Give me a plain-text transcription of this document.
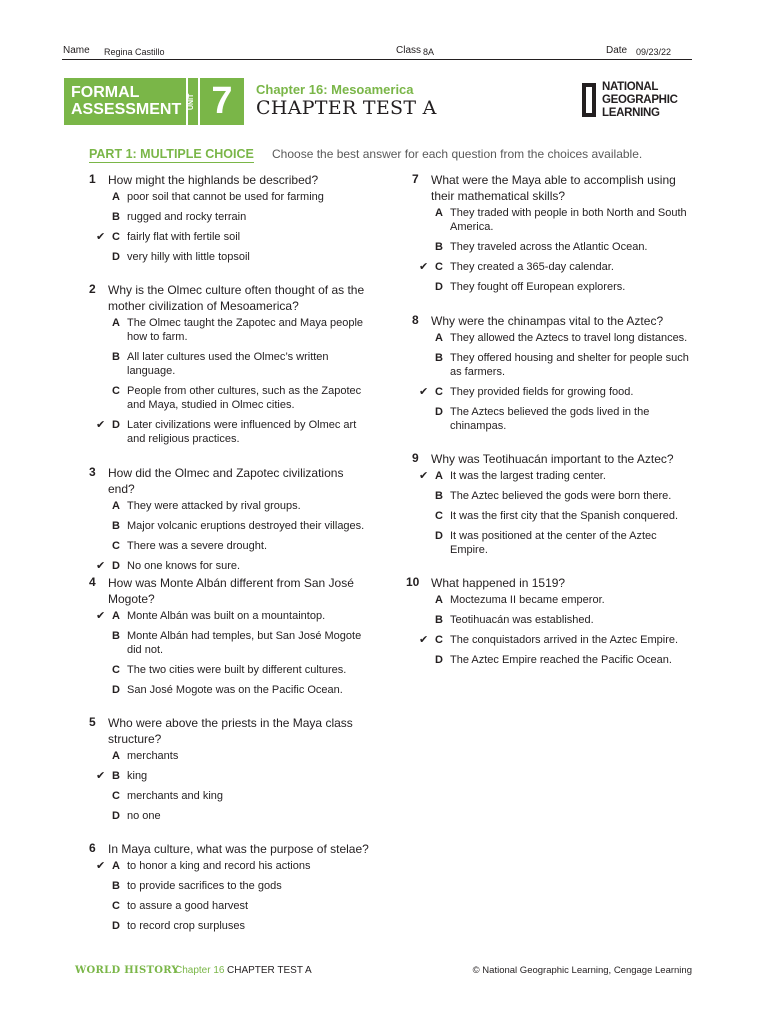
Name Regina Castillo	Class 8A	Date 09/23/22
FORMAL
ASSESSMENT UNIT 7	Chapter 16: Mesoamerica
CHAPTER TEST A
NATIONAL
GEOGRAPHIC
LEARNING
PART 1: MULTIPLE CHOICE Choose the best answer for each question from the choices available.
1 How might the highlands be described?
A poor soil that cannot be used for farming
B rugged and rocky terrain
✔ C fairly flat with fertile soil
D very hilly with little topsoil
2 Why is the Olmec culture often thought of as the mother civilization of Mesoamerica?
A The Olmec taught the Zapotec and Maya people how to farm.
B All later cultures used the Olmec’s written language.
C People from other cultures, such as the Zapotec and Maya, studied in Olmec cities.
✔ D Later civilizations were influenced by Olmec art and religious practices.
3 How did the Olmec and Zapotec civilizations end?
A They were attacked by rival groups.
B Major volcanic eruptions destroyed their villages.
C There was a severe drought.
✔ D No one knows for sure.
4 How was Monte Albán different from San José Mogote?
✔ A Monte Albán was built on a mountaintop.
B Monte Albán had temples, but San José Mogote did not.
C The two cities were built by different cultures.
D San José Mogote was on the Pacific Ocean.
5 Who were above the priests in the Maya class structure?
A merchants
✔ B king
C merchants and king
D no one
6 In Maya culture, what was the purpose of stelae?
✔ A to honor a king and record his actions
B to provide sacrifices to the gods
C to assure a good harvest
D to record crop surpluses
7 What were the Maya able to accomplish using their mathematical skills?
A They traded with people in both North and South America.
B They traveled across the Atlantic Ocean.
✔ C They created a 365-day calendar.
D They fought off European explorers.
8 Why were the chinampas vital to the Aztec?
A They allowed the Aztecs to travel long distances.
B They offered housing and shelter for people such as farmers.
✔ C They provided fields for growing food.
D The Aztecs believed the gods lived in the chinampas.
9 Why was Teotihuacán important to the Aztec?
✔ A It was the largest trading center.
B The Aztec believed the gods were born there.
C It was the first city that the Spanish conquered.
D It was positioned at the center of the Aztec Empire.
10 What happened in 1519?
A Moctezuma II became emperor.
B Teotihuacán was established.
✔ C The conquistadors arrived in the Aztec Empire.
D The Aztec Empire reached the Pacific Ocean.
WORLD HISTORY
Chapter 16 CHAPTER TEST A	© National Geographic Learning, Cengage Learning
